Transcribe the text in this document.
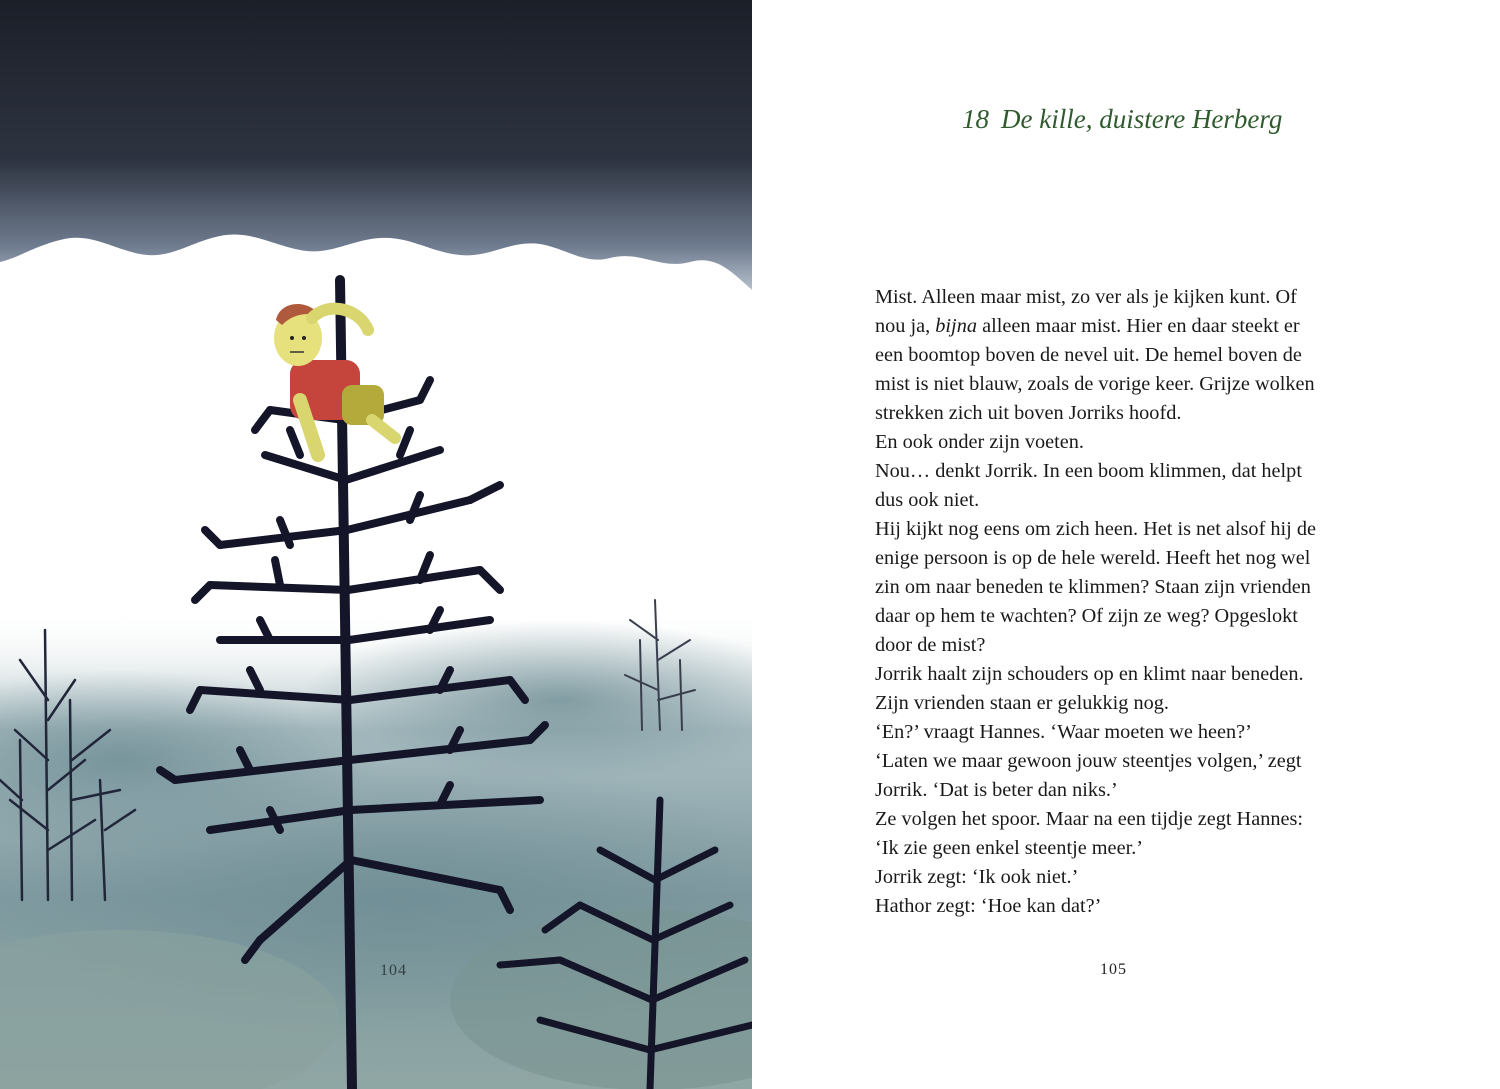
104
18 De kille, duistere Herberg
Mist. Alleen maar mist, zo ver als je kijken kunt. Of
nou ja, bijna alleen maar mist. Hier en daar steekt er
een boomtop boven de nevel uit. De hemel boven de
mist is niet blauw, zoals de vorige keer. Grijze wolken
strekken zich uit boven Jorriks hoofd.
En ook onder zijn voeten.
Nou… denkt Jorrik. In een boom klimmen, dat helpt
dus ook niet.
Hij kijkt nog eens om zich heen. Het is net alsof hij de
enige persoon is op de hele wereld. Heeft het nog wel
zin om naar beneden te klimmen? Staan zijn vrienden
daar op hem te wachten? Of zijn ze weg? Opgeslokt
door de mist?
Jorrik haalt zijn schouders op en klimt naar beneden.
Zijn vrienden staan er gelukkig nog.
‘En?’ vraagt Hannes. ‘Waar moeten we heen?’
‘Laten we maar gewoon jouw steentjes volgen,’ zegt
Jorrik. ‘Dat is beter dan niks.’
Ze volgen het spoor. Maar na een tijdje zegt Hannes:
‘Ik zie geen enkel steentje meer.’
Jorrik zegt: ‘Ik ook niet.’
Hathor zegt: ‘Hoe kan dat?’
105
